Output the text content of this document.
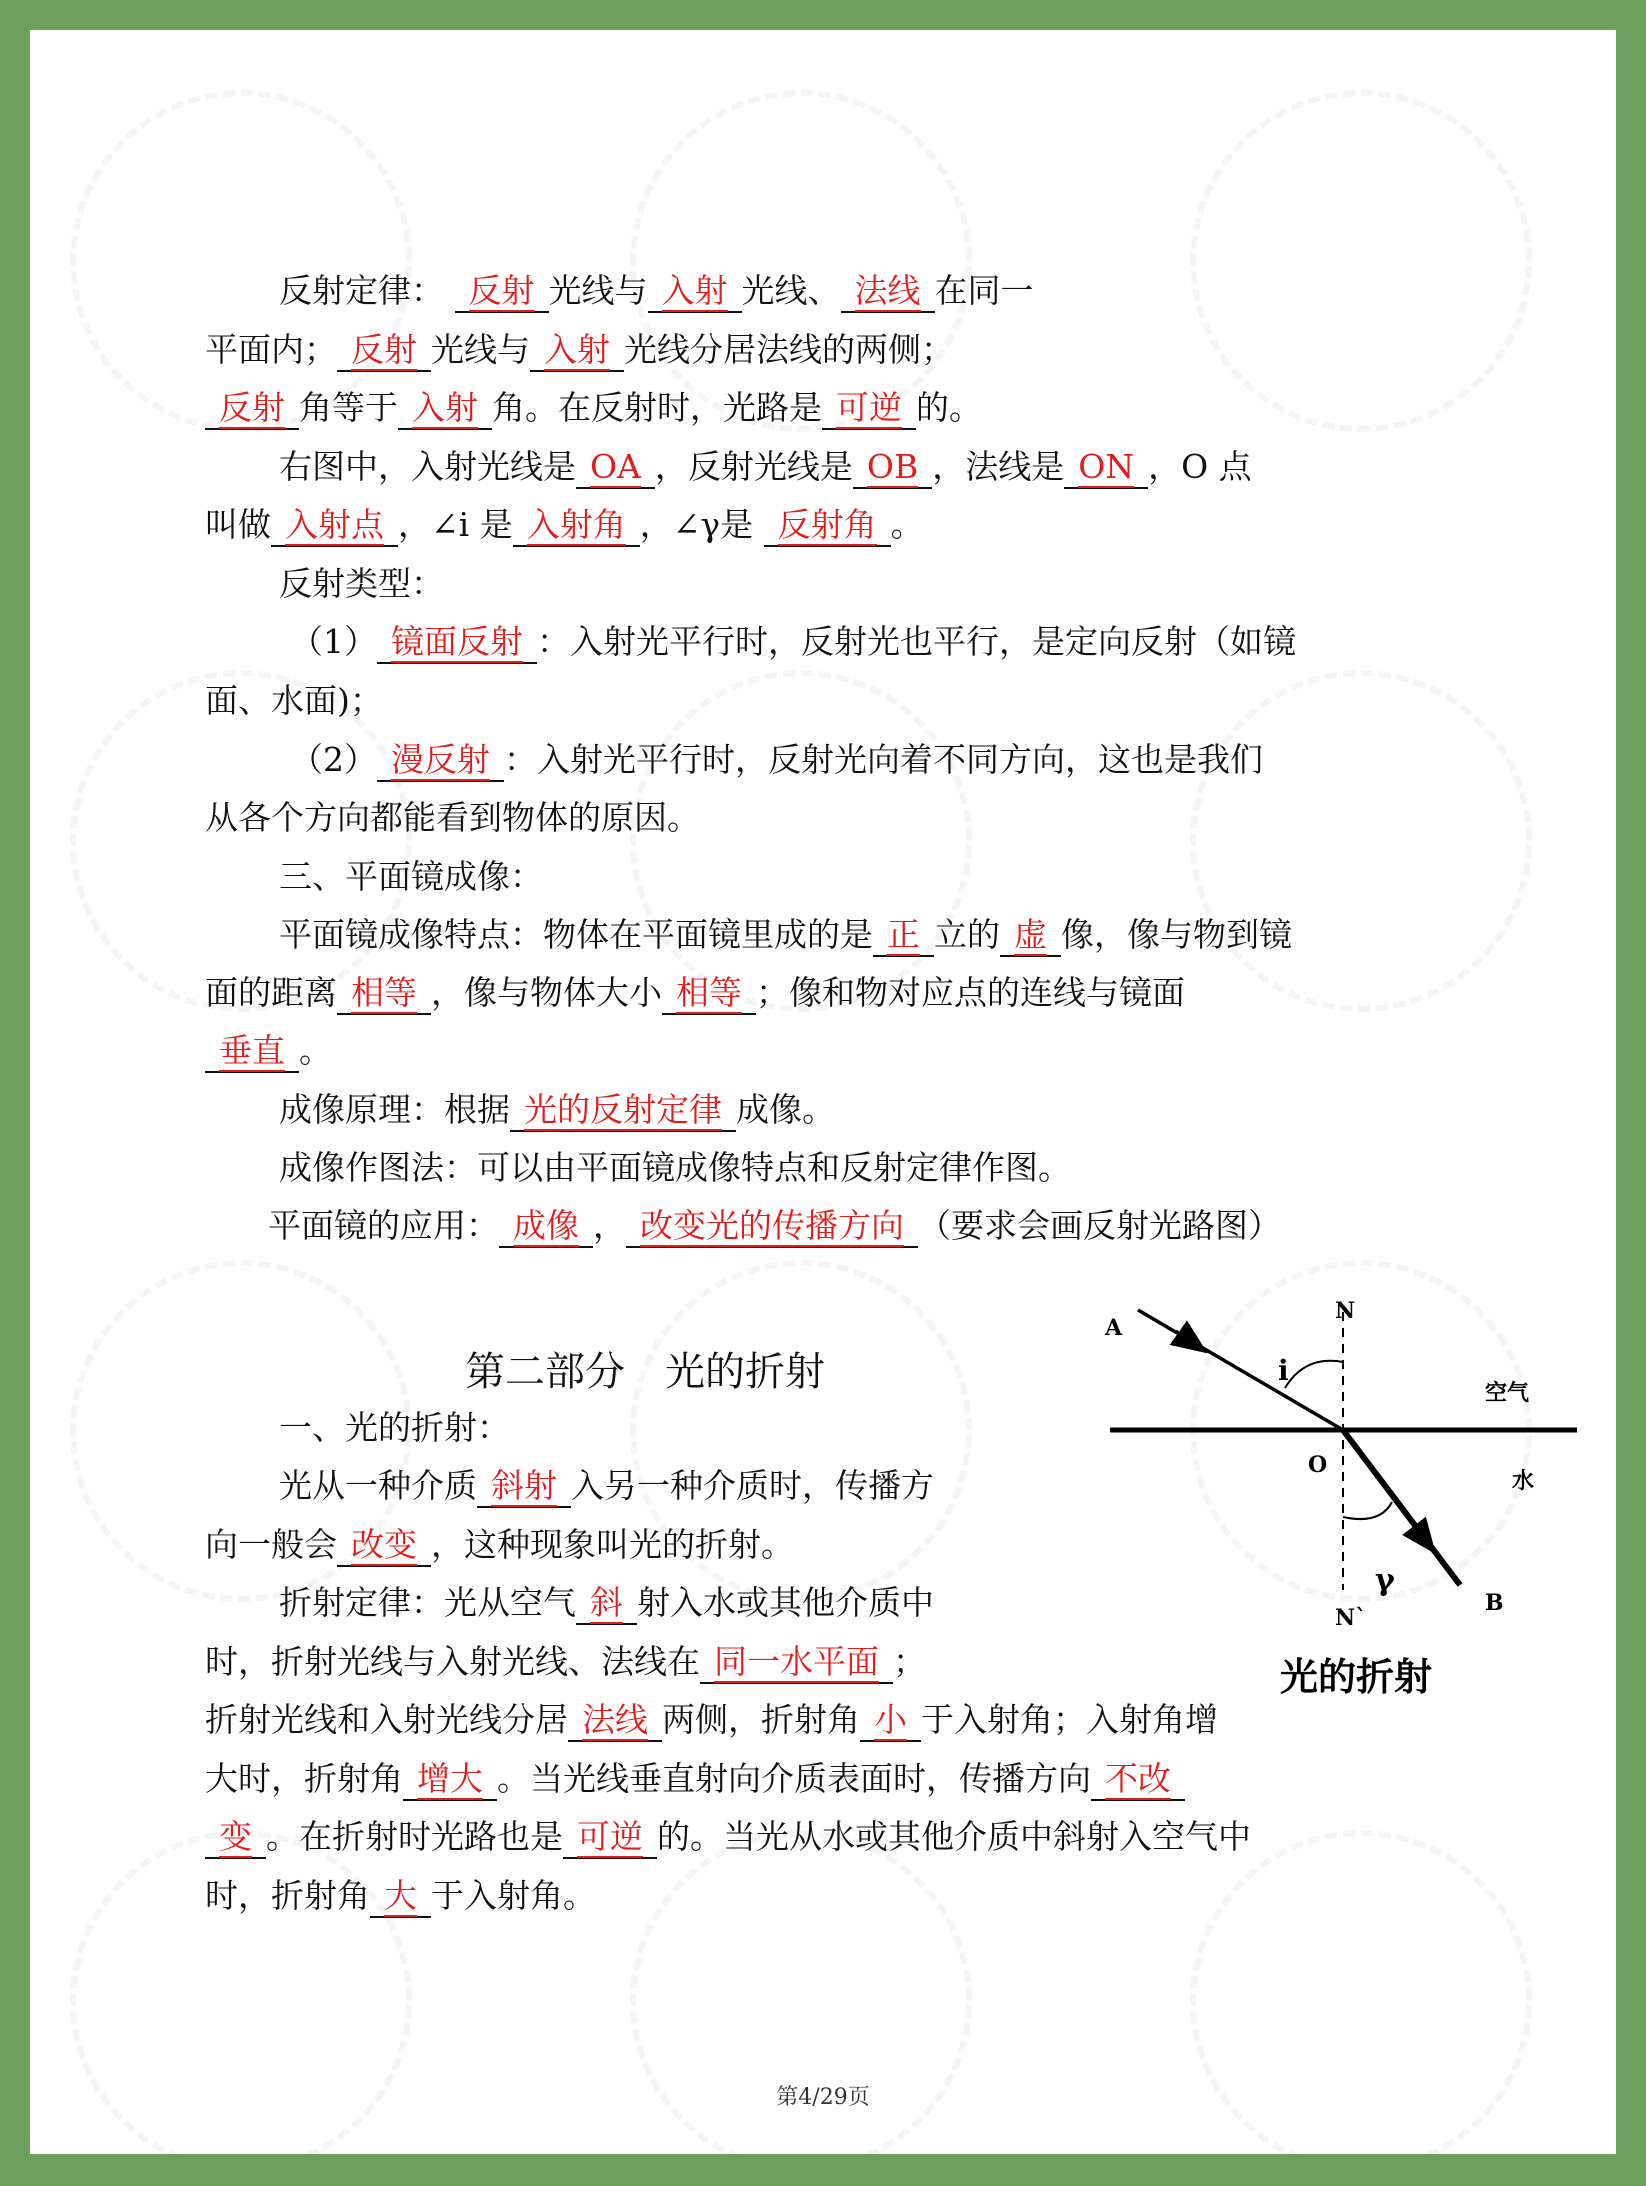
第二部分　光的折射
A
N
N`
O
B
i
γ
空气
水
光的折射
第4/29页
反射定律： 反射 光线与 入射 光线、 法线 在同一
平面内； 反射 光线与 入射 光线分居法线的两侧；
反射 角等于 入射 角。在反射时，光路是 可逆 的。
右图中，入射光线是 OA ，反射光线是 OB ，法线是 ON ，O 点
叫做 入射点 ，∠i 是 入射角 ，∠γ是 反射角 。
反射类型：
（1） 镜面反射 ：入射光平行时，反射光也平行，是定向反射（如镜
面、水面)；
（2） 漫反射 ：入射光平行时，反射光向着不同方向，这也是我们
从各个方向都能看到物体的原因。
三、平面镜成像：
平面镜成像特点：物体在平面镜里成的是 正 立的 虚 像，像与物到镜
面的距离 相等 ，像与物体大小 相等 ；像和物对应点的连线与镜面
垂直 。
成像原理：根据 光的反射定律 成像。
成像作图法：可以由平面镜成像特点和反射定律作图。
平面镜的应用： 成像 ， 改变光的传播方向 （要求会画反射光路图）
一、光的折射：
光从一种介质 斜射 入另一种介质时，传播方
向一般会 改变 ，这种现象叫光的折射。
折射定律：光从空气 斜 射入水或其他介质中
时，折射光线与入射光线、法线在 同一水平面 ；
折射光线和入射光线分居 法线 两侧，折射角 小 于入射角；入射角增
大时，折射角 增大 。当光线垂直射向介质表面时，传播方向 不改
变 。在折射时光路也是 可逆 的。当光从水或其他介质中斜射入空气中
时，折射角 大 于入射角。
